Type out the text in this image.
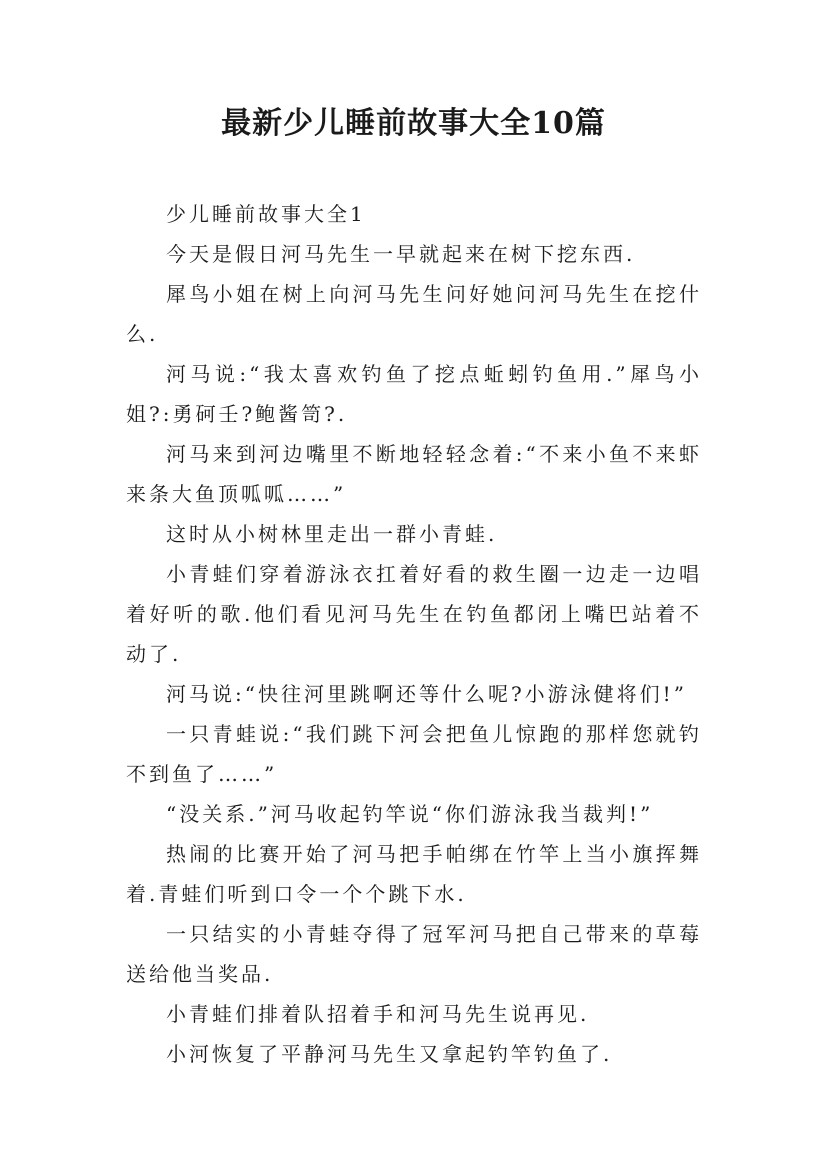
最新少儿睡前故事大全10篇

少儿睡前故事大全1

今天是假日河马先生一早就起来在树下挖东西.

犀鸟小姐在树上向河马先生问好她问河马先生在挖什么.

河马说:“我太喜欢钓鱼了挖点蚯蚓钓鱼用.”犀鸟小姐?:勇砢壬?鲍酱笥?.

河马来到河边嘴里不断地轻轻念着:“不来小鱼不来虾来条大鱼顶呱呱……”

这时从小树林里走出一群小青蛙.

小青蛙们穿着游泳衣扛着好看的救生圈一边走一边唱着好听的歌.他们看见河马先生在钓鱼都闭上嘴巴站着不动了.

河马说:“快往河里跳啊还等什么呢?小游泳健将们!”

一只青蛙说:“我们跳下河会把鱼儿惊跑的那样您就钓不到鱼了……”

“没关系.”河马收起钓竿说“你们游泳我当裁判!”

热闹的比赛开始了河马把手帕绑在竹竿上当小旗挥舞着.青蛙们听到口令一个个跳下水.

一只结实的小青蛙夺得了冠军河马把自己带来的草莓送给他当奖品.

小青蛙们排着队招着手和河马先生说再见.

小河恢复了平静河马先生又拿起钓竿钓鱼了.
